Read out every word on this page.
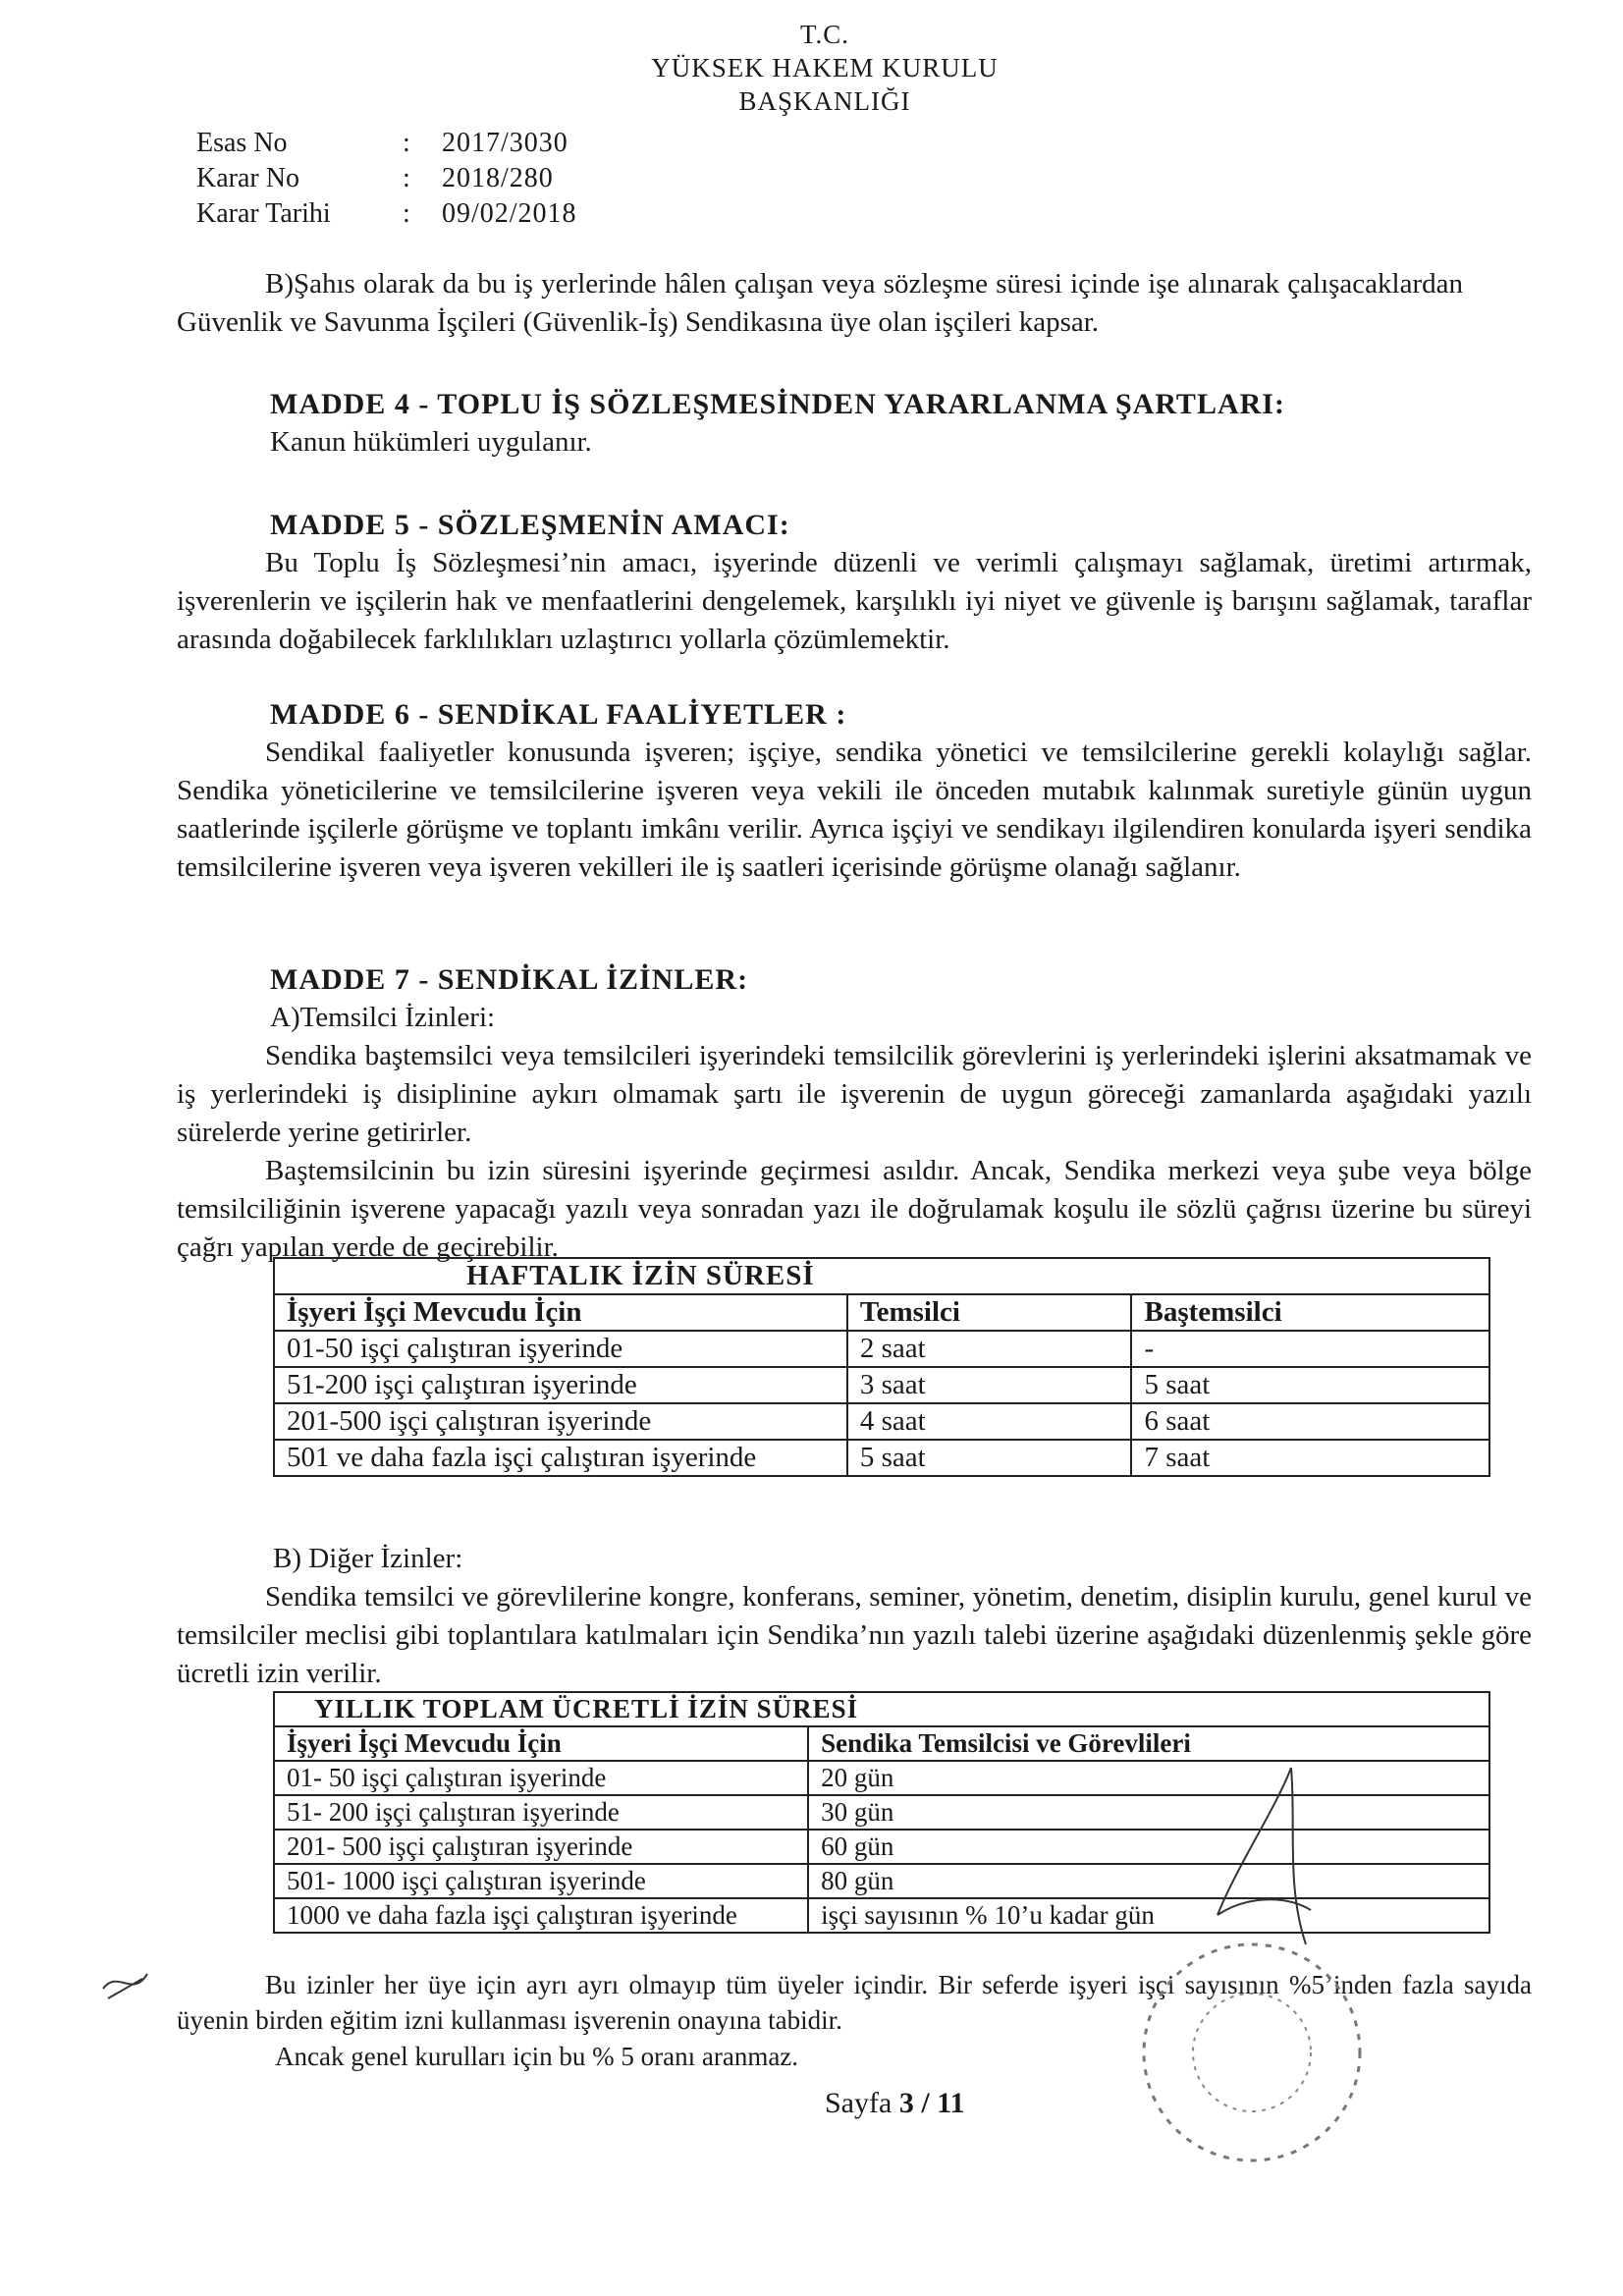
T.C.
YÜKSEK HAKEM KURULU
BAŞKANLIĞI
Esas No	:	2017/3030
Karar No	:	2018/280
Karar Tarihi	:	09/02/2018
B)Şahıs olarak da bu iş yerlerinde hâlen çalışan veya sözleşme süresi içinde işe alınarak çalışacaklardan Güvenlik ve Savunma İşçileri (Güvenlik-İş) Sendikasına üye olan işçileri kapsar.
MADDE 4 - TOPLU İŞ SÖZLEŞMESİNDEN YARARLANMA ŞARTLARI:
Kanun hükümleri uygulanır.
MADDE 5 - SÖZLEŞMENİN AMACI:
Bu Toplu İş Sözleşmesi’nin amacı, işyerinde düzenli ve verimli çalışmayı sağlamak, üretimi artırmak, işverenlerin ve işçilerin hak ve menfaatlerini dengelemek, karşılıklı iyi niyet ve güvenle iş barışını sağlamak, taraflar arasında doğabilecek farklılıkları uzlaştırıcı yollarla çözümlemektir.
MADDE 6 - SENDİKAL FAALİYETLER :
Sendikal faaliyetler konusunda işveren; işçiye, sendika yönetici ve temsilcilerine gerekli kolaylığı sağlar. Sendika yöneticilerine ve temsilcilerine işveren veya vekili ile önceden mutabık kalınmak suretiyle günün uygun saatlerinde işçilerle görüşme ve toplantı imkânı verilir. Ayrıca işçiyi ve sendikayı ilgilendiren konularda işyeri sendika temsilcilerine işveren veya işveren vekilleri ile iş saatleri içerisinde görüşme olanağı sağlanır.
MADDE 7 - SENDİKAL İZİNLER:
A)Temsilci İzinleri:
Sendika baştemsilci veya temsilcileri işyerindeki temsilcilik görevlerini iş yerlerindeki işlerini aksatmamak ve iş yerlerindeki iş disiplinine aykırı olmamak şartı ile işverenin de uygun göreceği zamanlarda aşağıdaki yazılı sürelerde yerine getirirler.
Baştemsilcinin bu izin süresini işyerinde geçirmesi asıldır. Ancak, Sendika merkezi veya şube veya bölge temsilciliğinin işverene yapacağı yazılı veya sonradan yazı ile doğrulamak koşulu ile sözlü çağrısı üzerine bu süreyi çağrı yapılan yerde de geçirebilir.
HAFTALIK İZİN SÜRESİ		
İşyeri İşçi Mevcudu İçin	Temsilci	Baştemsilci
01-50 işçi çalıştıran işyerinde	2 saat	-
51-200 işçi çalıştıran işyerinde	3 saat	5 saat
201-500 işçi çalıştıran işyerinde	4 saat	6 saat
501 ve daha fazla işçi çalıştıran işyerinde	5 saat	7 saat
B) Diğer İzinler:
Sendika temsilci ve görevlilerine kongre, konferans, seminer, yönetim, denetim, disiplin kurulu, genel kurul ve temsilciler meclisi gibi toplantılara katılmaları için Sendika’nın yazılı talebi üzerine aşağıdaki düzenlenmiş şekle göre ücretli izin verilir.
YILLIK TOPLAM ÜCRETLİ İZİN SÜRESİ	
İşyeri İşçi Mevcudu İçin	Sendika Temsilcisi ve Görevlileri
01- 50 işçi çalıştıran işyerinde	20 gün
51- 200 işçi çalıştıran işyerinde	30 gün
201- 500 işçi çalıştıran işyerinde	60 gün
501- 1000 işçi çalıştıran işyerinde	80 gün
1000 ve daha fazla işçi çalıştıran işyerinde	işçi sayısının % 10’u kadar gün
Bu izinler her üye için ayrı ayrı olmayıp tüm üyeler içindir. Bir seferde işyeri işçi sayısının %5’inden fazla sayıda üyenin birden eğitim izni kullanması işverenin onayına tabidir.
Ancak genel kurulları için bu % 5 oranı aranmaz.
Sayfa 3 / 11
